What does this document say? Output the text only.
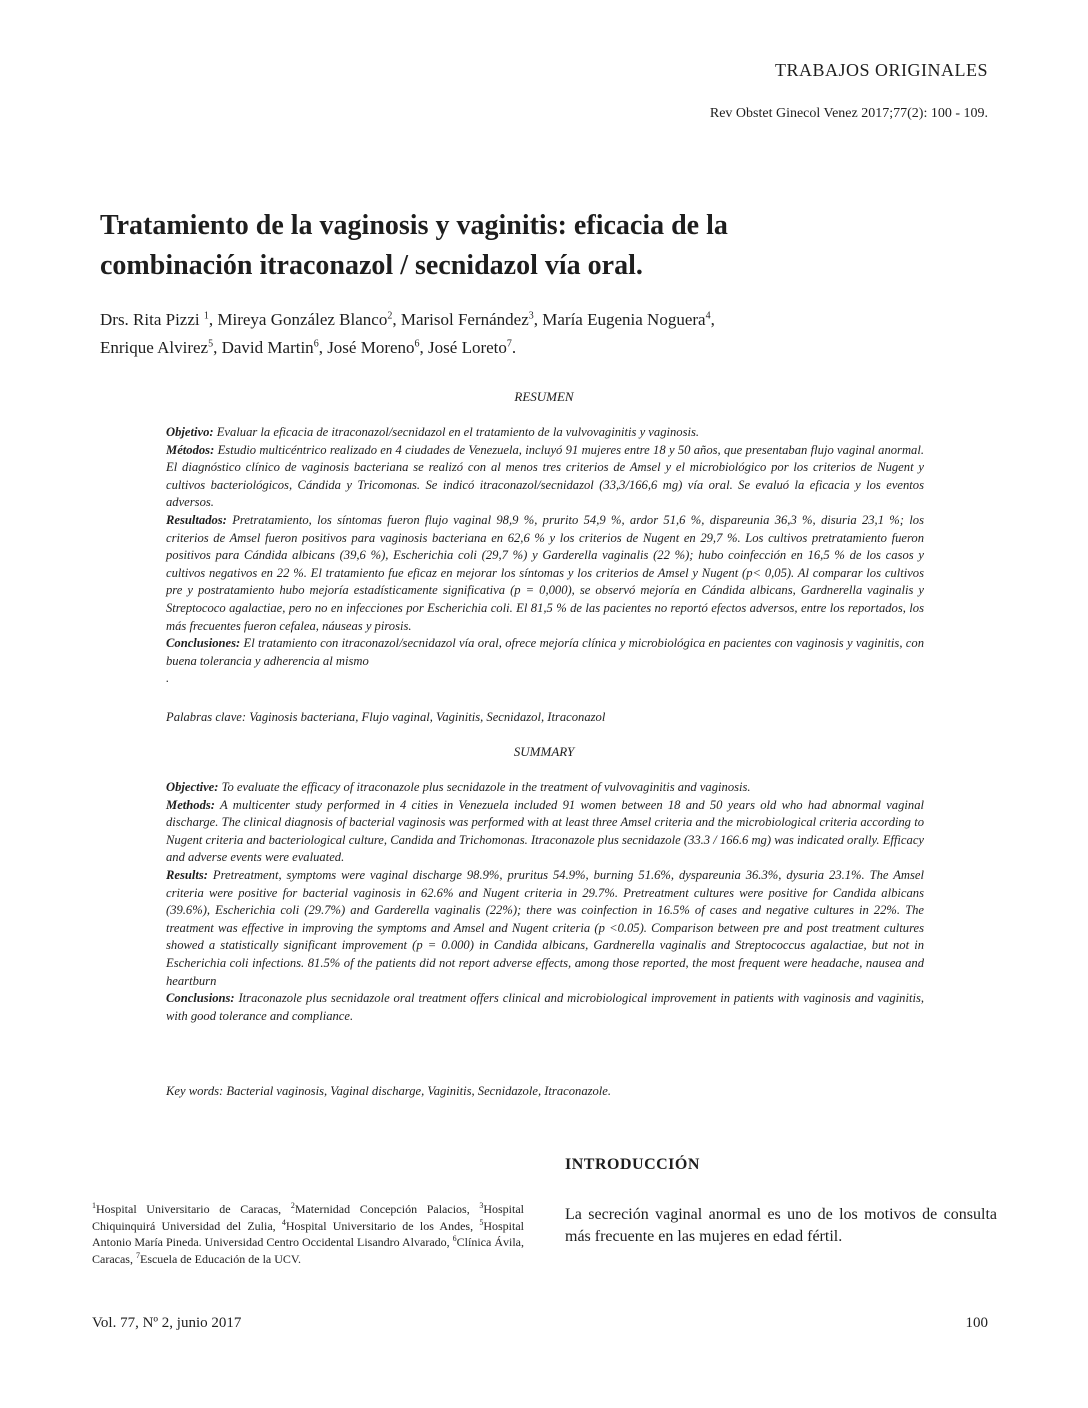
TRABAJOS ORIGINALES
Rev Obstet Ginecol Venez 2017;77(2): 100 - 109.
Tratamiento de la vaginosis y vaginitis: eficacia de la
combinación itraconazol / secnidazol vía oral.
Drs. Rita Pizzi $^1$, Mireya González Blanco$^2$, Marisol Fernández$^3$, María Eugenia Noguera$^4$,
Enrique Alvirez$^5$, David Martin$^6$, José Moreno$^6$, José Loreto$^7$.
RESUMEN

Objetivo: Evaluar la eficacia de itraconazol/secnidazol en el tratamiento de la vulvovaginitis y vaginosis.

Métodos: Estudio multicéntrico realizado en 4 ciudades de Venezuela, incluyó 91 mujeres entre 18 y 50 años, que presentaban flujo vaginal anormal. El diagnóstico clínico de vaginosis bacteriana se realizó con al menos tres criterios de Amsel y el microbiológico por los criterios de Nugent y cultivos bacteriológicos, Cándida y Tricomonas. Se indicó itraconazol/secnidazol (33,3/166,6 mg) vía oral. Se evaluó la eficacia y los eventos adversos.

Resultados: Pretratamiento, los síntomas fueron flujo vaginal 98,9 %, prurito 54,9 %, ardor 51,6 %, dispareunia 36,3 %, disuria 23,1 %; los criterios de Amsel fueron positivos para vaginosis bacteriana en 62,6 % y los criterios de Nugent en 29,7 %. Los cultivos pretratamiento fueron positivos para Cándida albicans (39,6 %), Escherichia coli (29,7 %) y Garderella vaginalis (22 %); hubo coinfección en 16,5 % de los casos y cultivos negativos en 22 %. El tratamiento fue eficaz en mejorar los síntomas y los criterios de Amsel y Nugent (p< 0,05). Al comparar los cultivos pre y postratamiento hubo mejoría estadísticamente significativa (p = 0,000), se observó mejoría en Cándida albicans, Gardnerella vaginalis y Streptococo agalactiae, pero no en infecciones por Escherichia coli. El 81,5 % de las pacientes no reportó efectos adversos, entre los reportados, los más frecuentes fueron cefalea, náuseas y pirosis.

Conclusiones: El tratamiento con itraconazol/secnidazol vía oral, ofrece mejoría clínica y microbiológica en pacientes con vaginosis y vaginitis, con buena tolerancia y adherencia al mismo

.

Palabras clave: Vaginosis bacteriana, Flujo vaginal, Vaginitis, Secnidazol, Itraconazol
SUMMARY

Objective: To evaluate the efficacy of itraconazole plus secnidazole in the treatment of vulvovaginitis and vaginosis.

Methods: A multicenter study performed in 4 cities in Venezuela included 91 women between 18 and 50 years old who had abnormal vaginal discharge. The clinical diagnosis of bacterial vaginosis was performed with at least three Amsel criteria and the microbiological criteria according to Nugent criteria and bacteriological culture, Candida and Trichomonas. Itraconazole plus secnidazole (33.3 / 166.6 mg) was indicated orally. Efficacy and adverse events were evaluated.

Results: Pretreatment, symptoms were vaginal discharge 98.9%, pruritus 54.9%, burning 51.6%, dyspareunia 36.3%, dysuria 23.1%. The Amsel criteria were positive for bacterial vaginosis in 62.6% and Nugent criteria in 29.7%. Pretreatment cultures were positive for Candida albicans (39.6%), Escherichia coli (29.7%) and Garderella vaginalis (22%); there was coinfection in 16.5% of cases and negative cultures in 22%. The treatment was effective in improving the symptoms and Amsel and Nugent criteria (p <0.05). Comparison between pre and post treatment cultures showed a statistically significant improvement (p = 0.000) in Candida albicans, Gardnerella vaginalis and Streptococcus agalactiae, but not in Escherichia coli infections. 81.5% of the patients did not report adverse effects, among those reported, the most frequent were headache, nausea and heartburn

Conclusions: Itraconazole plus secnidazole oral treatment offers clinical and microbiological improvement in patients with vaginosis and vaginitis, with good tolerance and compliance.

Key words: Bacterial vaginosis, Vaginal discharge, Vaginitis, Secnidazole, Itraconazole.
INTRODUCCIÓN
La secreción vaginal anormal es uno de los motivos de consulta más frecuente en las mujeres en edad fértil.
$^1$Hospital Universitario de Caracas, $^2$Maternidad Concepción Palacios, $^3$Hospital Chiquinquirá Universidad del Zulia, $^4$Hospital Universitario de los Andes, $^5$Hospital Antonio María Pineda. Universidad Centro Occidental Lisandro Alvarado, $^6$Clínica Ávila, Caracas, $^7$Escuela de Educación de la UCV.
Vol. 77, Nº 2, junio 2017	100
